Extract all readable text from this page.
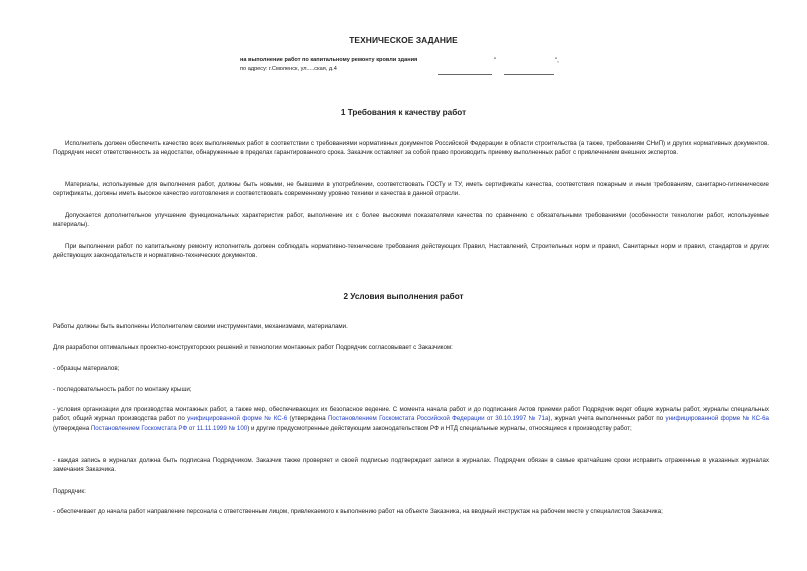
ТЕХНИЧЕСКОЕ ЗАДАНИЕ
на выполнение работ по капитальному ремонту кровли здания
по адресу: г.Смоленск, ул.....ская, д.4
"	",
1 Требования к качеству работ

Исполнитель должен обеспечить качество всех выполняемых работ в соответствии с требованиями нормативных документов Российской Федерации в области строительства (а также, требованиям СНиП) и других нормативных документов. Подрядчик несет ответственность за недостатки, обнаруженные в пределах гарантированного срока. Заказчик оставляет за собой право производить приемку выполненных работ с привлечением внешних экспертов.

Материалы, используемые для выполнения работ, должны быть новыми, не бывшими в употреблении, соответствовать ГОСТу и ТУ, иметь сертификаты качества, соответствия пожарным и иным требованиям, санитарно-гигиенические сертификаты, должны иметь высокое качество изготовления и соответствовать современному уровню техники и качества в данной отрасли.

Допускается дополнительное улучшение функциональных характеристик работ, выполнение их с более высокими показателями качества по сравнению с обязательными требованиями (особенности технологии работ, используемые материалы).

При выполнении работ по капитальному ремонту исполнитель должен соблюдать нормативно-технические требования действующих Правил, Наставлений, Строительных норм и правил, Санитарных норм и правил, стандартов и других действующих законодательств и нормативно-технических документов.

2 Условия выполнения работ

Работы должны быть выполнены Исполнителем своими инструментами, механизмами, материалами.

Для разработки оптимальных проектно-конструкторских решений и технологии монтажных работ Подрядчик согласовывает с Заказчиком:

- образцы материалов;

- последовательность работ по монтажу крыши;

- условия организации для производства монтажных работ, а также мер, обеспечивающих их безопасное ведение. С момента начала работ и до подписания Актов приемки работ Подрядчик ведет общие журналы работ, журналы специальных работ, общий журнал производства работ по унифицированной форме № КС-6 (утверждена Постановлением Госкомстата Российской Федерации от 30.10.1997 № 71а), журнал учета выполненных работ по унифицированной форме № КС-6а (утверждена Постановлением Госкомстата РФ от 11.11.1999 № 100) и другие предусмотренные действующим законодательством РФ и НТД специальные журналы, относящиеся к производству работ;

- каждая запись в журналах должна быть подписана Подрядчиком. Заказчик также проверяет и своей подписью подтверждает записи в журналах. Подрядчик обязан в самые кратчайшие сроки исправить отраженные в указанных журналах замечания Заказчика.

Подрядчик:

- обеспечивает до начала работ направление персонала с ответственным лицом, привлекаемого к выполнению работ на объекте Заказника, на вводный инструктаж на рабочем месте у специалистов Заказчика;
